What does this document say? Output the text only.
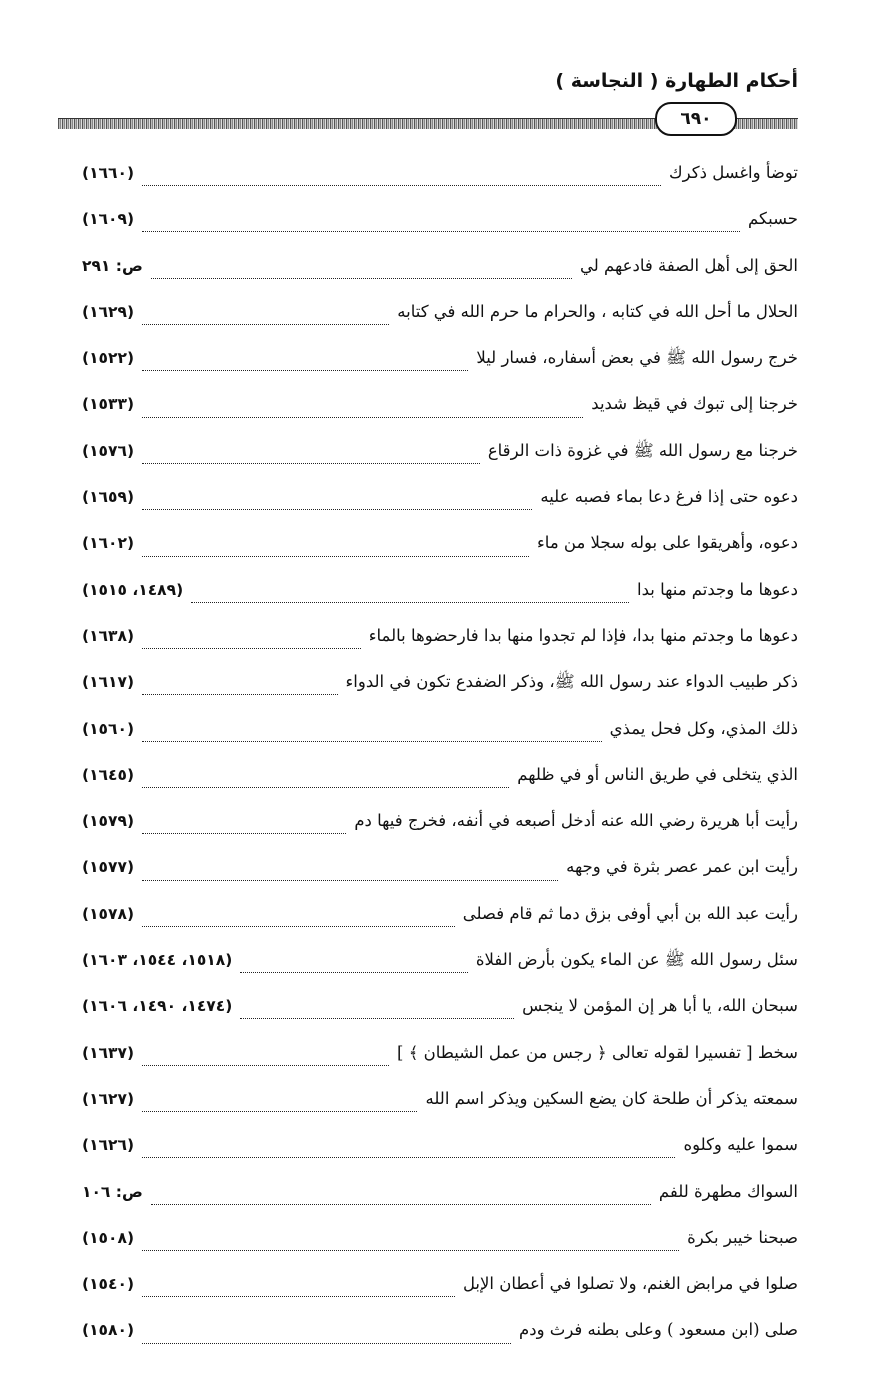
أحكام الطهارة ( النجاسة )
٦٩٠
توضأ واغسل ذكرك
(١٦٦٠)
حسبكم
(١٦٠٩)
الحق إلى أهل الصفة فادعهم لي
ص: ٢٩١
الحلال ما أحل الله في كتابه ، والحرام ما حرم الله في كتابه
(١٦٢٩)
خرج رسول الله ﷺ في بعض أسفاره، فسار ليلا
(١٥٢٢)
خرجنا إلى تبوك في قيظ شديد
(١٥٣٣)
خرجنا مع رسول الله ﷺ في غزوة ذات الرقاع
(١٥٧٦)
دعوه حتى إذا فرغ دعا بماء فصبه عليه
(١٦٥٩)
دعوه، وأهريقوا على بوله سجلا من ماء
(١٦٠٢)
دعوها ما وجدتم منها بدا
(١٤٨٩، ١٥١٥)
دعوها ما وجدتم منها بدا، فإذا لم تجدوا منها بدا فارحضوها بالماء
(١٦٣٨)
ذكر طبيب الدواء عند رسول الله ﷺ، وذكر الضفدع تكون في الدواء
(١٦١٧)
ذلك المذي، وكل فحل يمذي
(١٥٦٠)
الذي يتخلى في طريق الناس أو في ظلهم
(١٦٤٥)
رأيت أبا هريرة رضي الله عنه أدخل أصبعه في أنفه، فخرج فيها دم
(١٥٧٩)
رأيت ابن عمر عصر بثرة في وجهه
(١٥٧٧)
رأيت عبد الله بن أبي أوفى بزق دما ثم قام فصلى
(١٥٧٨)
سئل رسول الله ﷺ عن الماء يكون بأرض الفلاة
(١٥١٨، ١٥٤٤، ١٦٠٣)
سبحان الله، يا أبا هر إن المؤمن لا ينجس
(١٤٧٤، ١٤٩٠، ١٦٠٦)
سخط [ تفسيرا لقوله تعالى ﴿ رجس من عمل الشيطان ﴾ ]
(١٦٣٧)
سمعته يذكر أن طلحة كان يضع السكين ويذكر اسم الله
(١٦٢٧)
سموا عليه وكلوه
(١٦٢٦)
السواك مطهرة للفم
ص: ١٠٦
صبحنا خيبر بكرة
(١٥٠٨)
صلوا في مرابض الغنم، ولا تصلوا في أعطان الإبل
(١٥٤٠)
صلى (ابن مسعود ) وعلى بطنه فرث ودم
(١٥٨٠)
